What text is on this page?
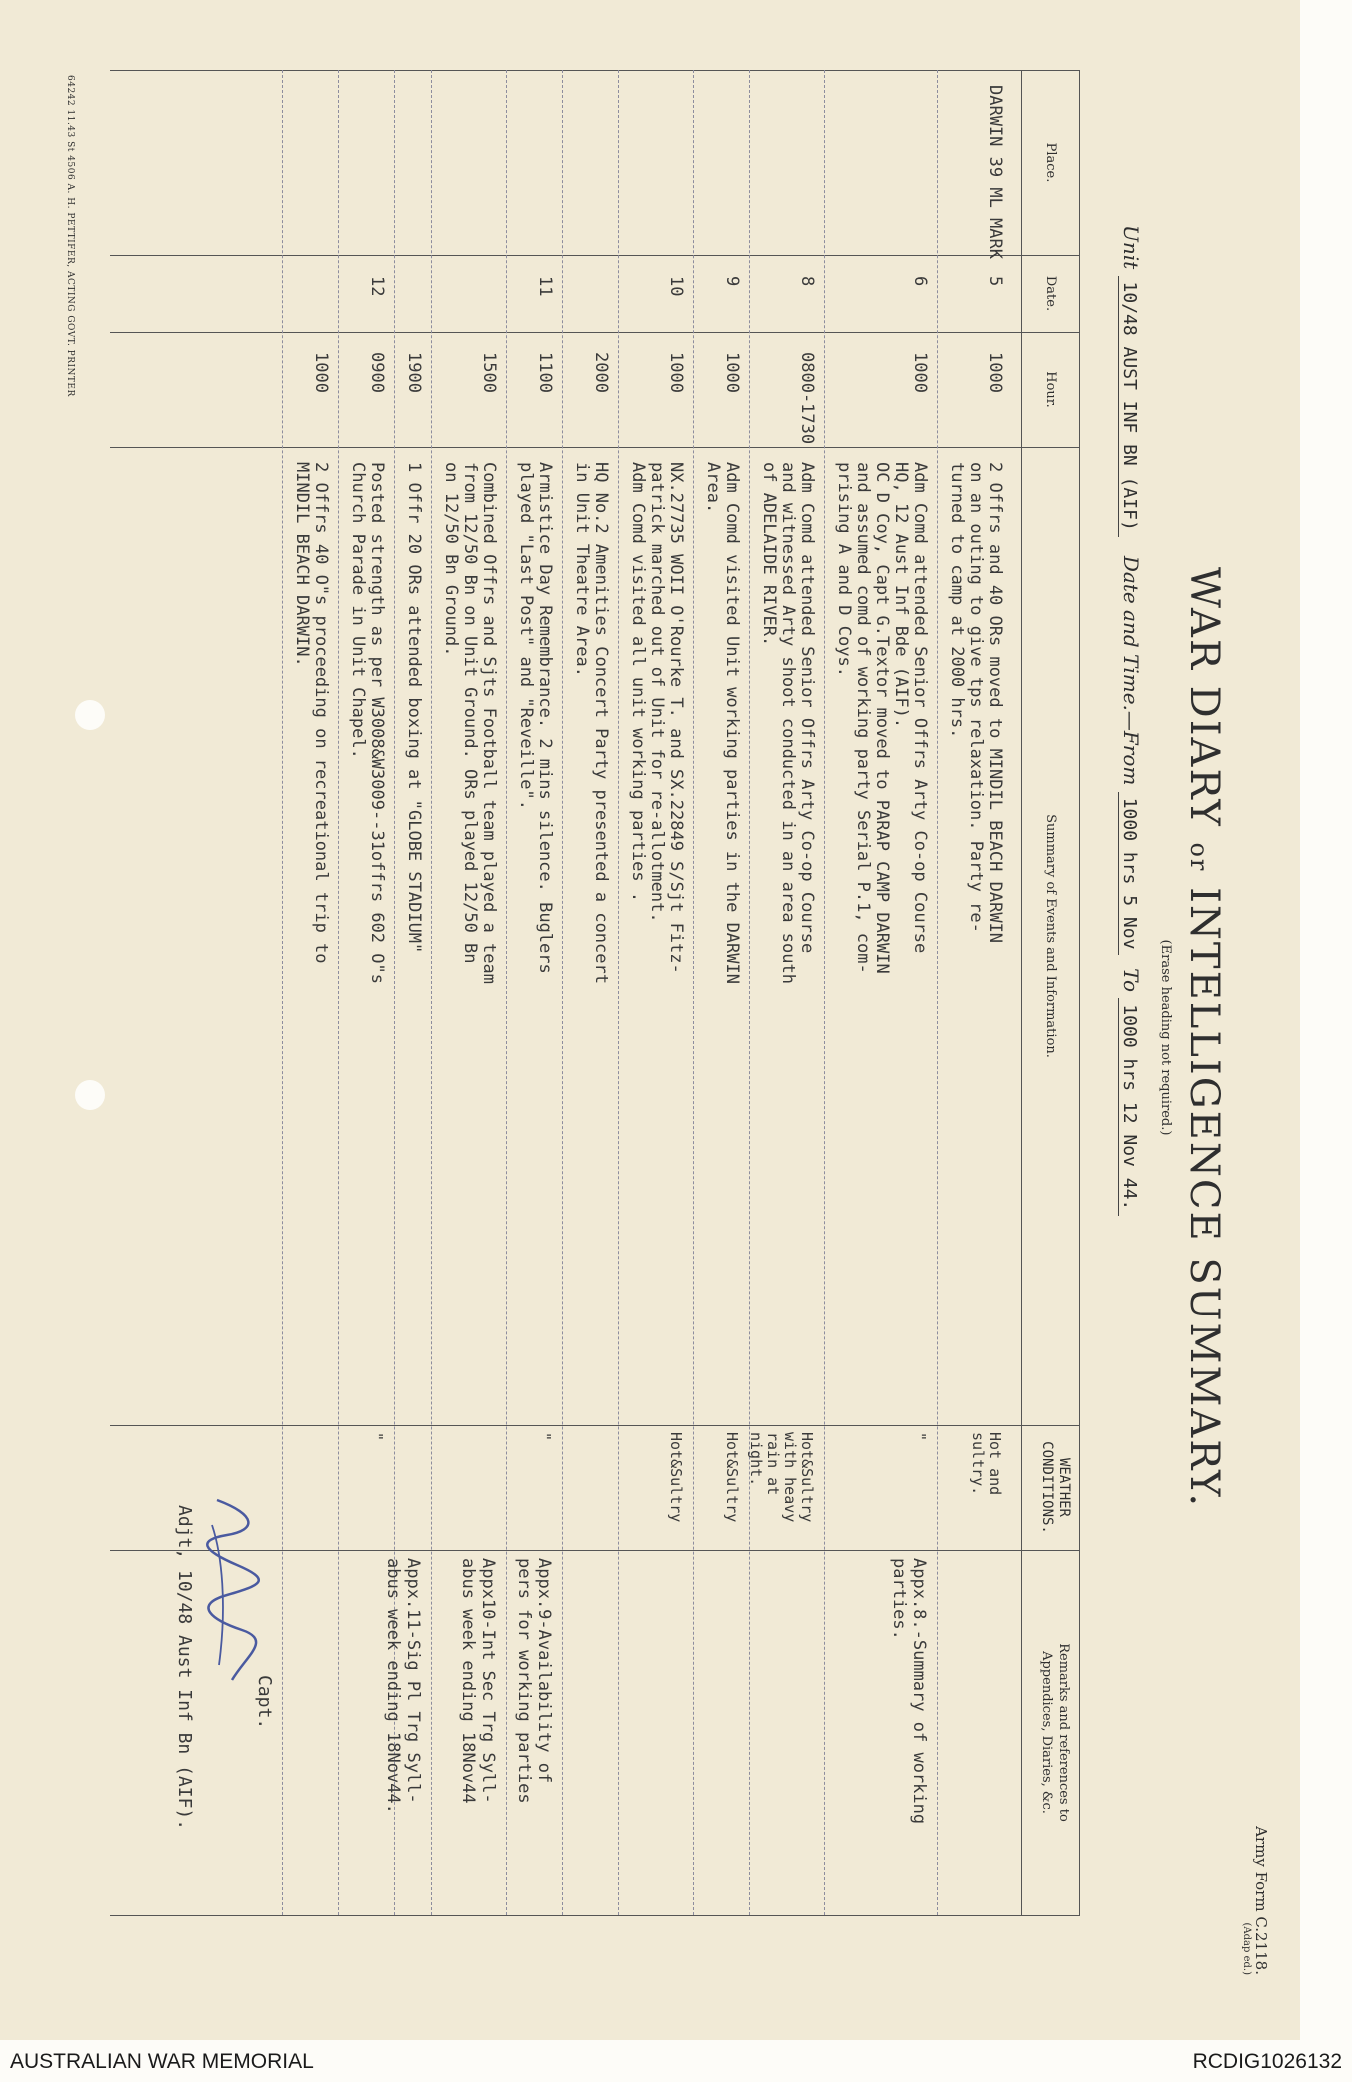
Army Form C.2118.
(Adap ed.)
WAR DIARY or INTELLIGENCE SUMMARY.
(Erase heading not required.)
Unit 10/48 AUST INF BN (AIF)   Date and Time.—From 1000 hrs 5 Nov  To 1000 hrs 12 Nov 44.
Place.
Date.
Hour.
Summary of Events and Information.
WEATHER
CONDITIONS.
Remarks and references to
Appendices, Diaries, &c.
5
1000
2 Offrs and 40 ORs moved to MINDIL BEACH DARWIN
on an outing to give tps relaxation. Party re-
turned to camp at 2000 hrs.
6
1000
Adm Comd attended Senior Offrs Arty Co-op Course
HQ, 12 Aust Inf Bde (AIF).
OC D Coy, Capt G.Textor moved to PARAP CAMP DARWIN
and assumed comd of working party Serial P.1, com-
prising A and D Coys.
8
0800-1730
Adm Comd attended Senior Offrs Arty Co-op Course
and witnessed Arty shoot conducted in an area south
of ADELAIDE RIVER.
9
1000
Adm Comd visited Unit working parties in the DARWIN
Area.
10
1000
NX.27735 WOII O'Rourke T. and SX.22849 S/Sjt Fitz-
patrick marched out of Unit for re-allotment.
Adm Comd visited all unit working parties .
2000
HQ No.2 Amenities Concert Party presented a concert
in Unit Theatre Area.
11
1100
Armistice Day Remembrance. 2 mins silence. Buglers
played "Last Post" and "Reveille".
1500
Combined Offrs and Sjts Football team played a team
from 12/50 Bn on Unit Ground. ORs played 12/50 Bn
on 12/50 Bn Ground.
1900
1 Offr 20 ORs attended boxing at "GLOBE STADIUM"
12
0900
Posted strength as per W3008&W3009--31offrs 602 O"s
Church Parade in Unit Chapel.
1000
2 Offrs 40 O"s proceeding on recreational trip to
MINDIL BEACH DARWIN.
DARWIN 39 ML MARK
Hot and
sultry.
"
Hot&Sultry
with heavy
rain at
night.
Hot&Sultry
Hot&Sultry
"
"
Appx.8.-Summary of working
parties.
Appx.9-Availability of
pers for working parties
Appx10-Int Sec Trg Syll-
abus week ending 18Nov44
Appx.11-Sig Pl Trg Syll-
abus week ending 18Nov44.
Capt.
Adjt, 10/48 Aust Inf Bn (AIF).
64242 11.43 St 4506 A. H. PETTIFER, ACTING GOVT. PRINTER
AUSTRALIAN WAR MEMORIAL	RCDIG1026132
